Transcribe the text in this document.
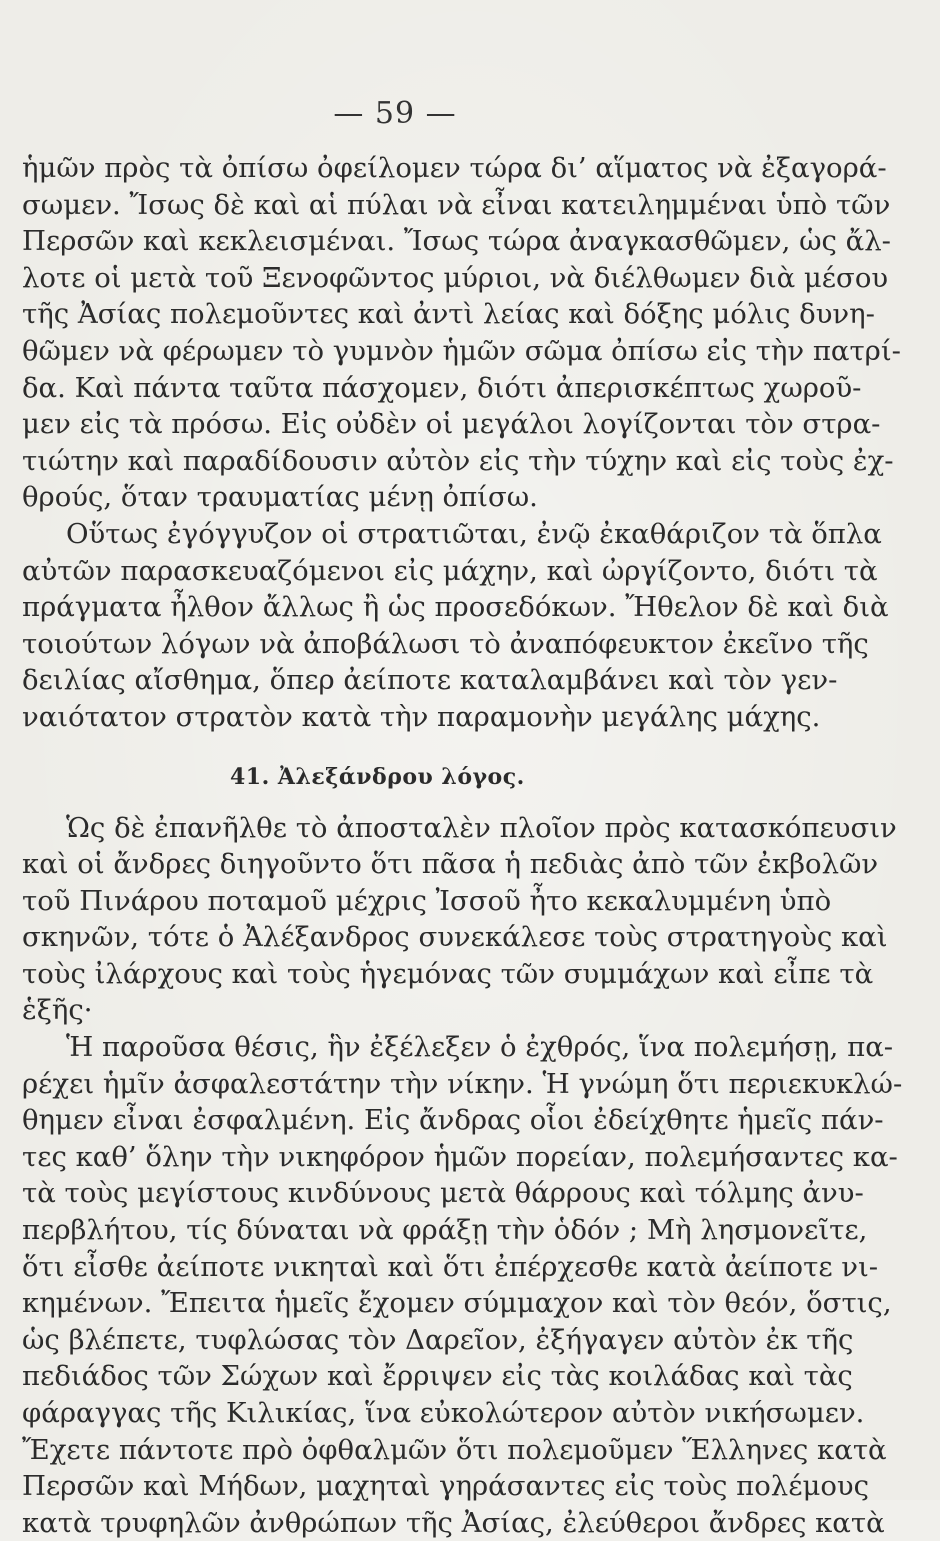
— 59 —
ἡμῶν πρὸς τὰ ὀπίσω ὀφείλομεν τώρα δι’ αἵματος νὰ ἐξαγορά-
σωμεν. Ἴσως δὲ καὶ αἱ πύλαι νὰ εἶναι κατειλημμέναι ὑπὸ τῶν
Περσῶν καὶ κεκλεισμέναι. Ἴσως τώρα ἀναγκασθῶμεν, ὡς ἄλ-
λοτε οἱ μετὰ τοῦ Ξενοφῶντος μύριοι, νὰ διέλθωμεν διὰ μέσου
τῆς Ἀσίας πολεμοῦντες καὶ ἀντὶ λείας καὶ δόξης μόλις δυνη-
θῶμεν νὰ φέρωμεν τὸ γυμνὸν ἡμῶν σῶμα ὀπίσω εἰς τὴν πατρί-
δα. Καὶ πάντα ταῦτα πάσχομεν, διότι ἀπερισκέπτως χωροῦ-
μεν εἰς τὰ πρόσω. Εἰς οὐδὲν οἱ μεγάλοι λογίζονται τὸν στρα-
τιώτην καὶ παραδίδουσιν αὐτὸν εἰς τὴν τύχην καὶ εἰς τοὺς ἐχ-
θρούς, ὅταν τραυματίας μένῃ ὀπίσω.
Οὕτως ἐγόγγυζον οἱ στρατιῶται, ἐνῷ ἐκαθάριζον τὰ ὅπλα
αὐτῶν παρασκευαζόμενοι εἰς μάχην, καὶ ὠργίζοντο, διότι τὰ
πράγματα ἦλθον ἄλλως ἢ ὡς προσεδόκων. Ἤθελον δὲ καὶ διὰ
τοιούτων λόγων νὰ ἀποβάλωσι τὸ ἀναπόφευκτον ἐκεῖνο τῆς
δειλίας αἴσθημα, ὅπερ ἀείποτε καταλαμβάνει καὶ τὸν γεν-
ναιότατον στρατὸν κατὰ τὴν παραμονὴν μεγάλης μάχης.
41. Ἀλεξάνδρου λόγος.
Ὡς δὲ ἐπανῆλθε τὸ ἀποσταλὲν πλοῖον πρὸς κατασκόπευσιν
καὶ οἱ ἄνδρες διηγοῦντο ὅτι πᾶσα ἡ πεδιὰς ἀπὸ τῶν ἐκβολῶν
τοῦ Πινάρου ποταμοῦ μέχρις Ἰσσοῦ ἦτο κεκαλυμμένη ὑπὸ
σκηνῶν, τότε ὁ Ἀλέξανδρος συνεκάλεσε τοὺς στρατηγοὺς καὶ
τοὺς ἰλάρχους καὶ τοὺς ἡγεμόνας τῶν συμμάχων καὶ εἶπε τὰ
ἑξῆς·
Ἡ παροῦσα θέσις, ἣν ἐξέλεξεν ὁ ἐχθρός, ἵνα πολεμήσῃ, πα-
ρέχει ἡμῖν ἀσφαλεστάτην τὴν νίκην. Ἡ γνώμη ὅτι περιεκυκλώ-
θημεν εἶναι ἐσφαλμένη. Εἰς ἄνδρας οἷοι ἐδείχθητε ἡμεῖς πάν-
τες καθ’ ὅλην τὴν νικηφόρον ἡμῶν πορείαν, πολεμήσαντες κα-
τὰ τοὺς μεγίστους κινδύνους μετὰ θάρρους καὶ τόλμης ἀνυ-
περβλήτου, τίς δύναται νὰ φράξῃ τὴν ὁδόν ; Μὴ λησμονεῖτε,
ὅτι εἶσθε ἀείποτε νικηταὶ καὶ ὅτι ἐπέρχεσθε κατὰ ἀείποτε νι-
κημένων. Ἔπειτα ἡμεῖς ἔχομεν σύμμαχον καὶ τὸν θεόν, ὅστις,
ὡς βλέπετε, τυφλώσας τὸν Δαρεῖον, ἐξήγαγεν αὐτὸν ἐκ τῆς
πεδιάδος τῶν Σώχων καὶ ἔρριψεν εἰς τὰς κοιλάδας καὶ τὰς
φάραγγας τῆς Κιλικίας, ἵνα εὐκολώτερον αὐτὸν νικήσωμεν.
Ἔχετε πάντοτε πρὸ ὀφθαλμῶν ὅτι πολεμοῦμεν Ἕλληνες κατὰ
Περσῶν καὶ Μήδων, μαχηταὶ γηράσαντες εἰς τοὺς πολέμους
κατὰ τρυφηλῶν ἀνθρώπων τῆς Ἀσίας, ἐλεύθεροι ἄνδρες κατὰ
